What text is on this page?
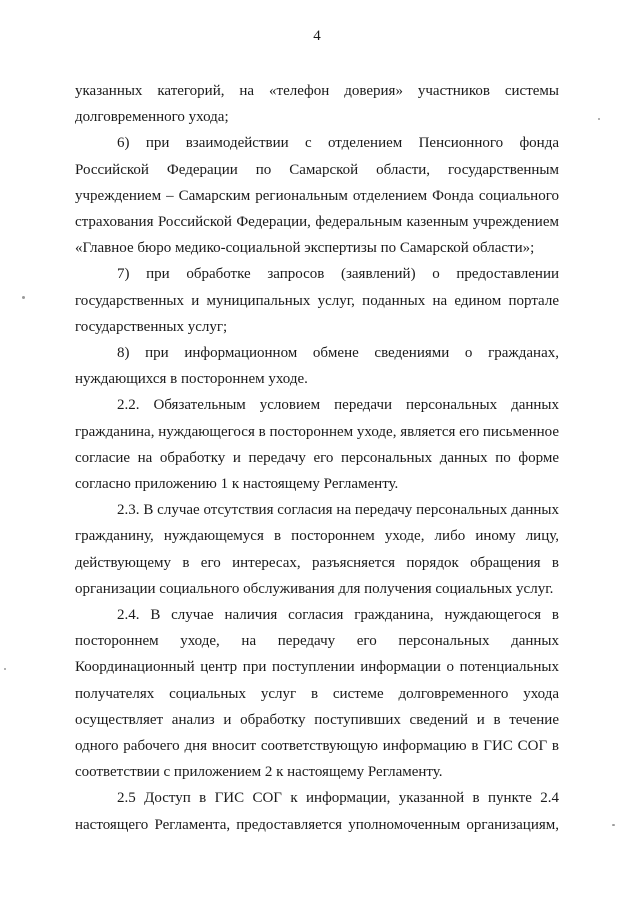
4

указанных категорий, на «телефон доверия» участников системы долговременного ухода;

6) при взаимодействии с отделением Пенсионного фонда Российской Федерации по Самарской области, государственным учреждением – Самарским региональным отделением Фонда социального страхования Российской Федерации, федеральным казенным учреждением «Главное бюро медико-социальной экспертизы по Самарской области»;

7) при обработке запросов (заявлений) о предоставлении государственных и муниципальных услуг, поданных на едином портале государственных услуг;

8) при информационном обмене сведениями о гражданах, нуждающихся в постороннем уходе.

2.2. Обязательным условием передачи персональных данных гражданина, нуждающегося в постороннем уходе, является его письменное согласие на обработку и передачу его персональных данных по форме согласно приложению 1 к настоящему Регламенту.

2.3. В случае отсутствия согласия на передачу персональных данных гражданину, нуждающемуся в постороннем уходе, либо иному лицу, действующему в его интересах, разъясняется порядок обращения в организации социального обслуживания для получения социальных услуг.

2.4. В случае наличия согласия гражданина, нуждающегося в постороннем уходе, на передачу его персональных данных Координационный центр при поступлении информации о потенциальных получателях социальных услуг в системе долговременного ухода осуществляет анализ и обработку поступивших сведений и в течение одного рабочего дня вносит соответствующую информацию в ГИС СОГ в соответствии с приложением 2 к настоящему Регламенту.

2.5 Доступ в ГИС СОГ к информации, указанной в пункте 2.4 настоящего Регламента, предоставляется уполномоченным организациям,
